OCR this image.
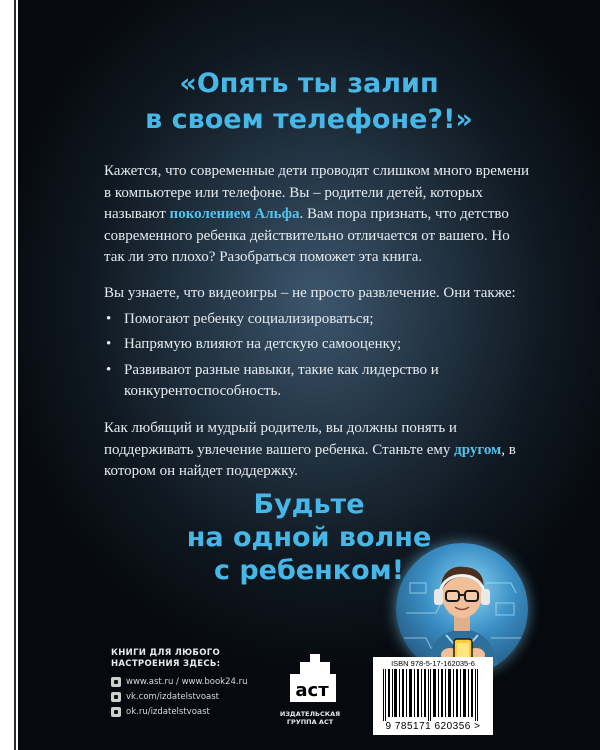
«Опять ты залип
в своем телефоне?!»
Кажется, что современные дети проводят слишком много времени в компьютере или телефоне. Вы – родители детей, которых называют поколением Альфа. Вам пора признать, что детство современного ребенка действительно отличается от вашего. Но так ли это плохо? Разобраться поможет эта книга.
Вы узнаете, что видеоигры – не просто развлечение. Они также:
• Помогают ребенку социализироваться;
• Напрямую влияют на детскую самооценку;
• Развивают разные навыки, такие как лидерство и конкурентоспособность.
Как любящий и мудрый родитель, вы должны понять и поддерживать увлечение вашего ребенка. Станьте ему другом, в котором он найдет поддержку.
Будьте
на одной волне
с ребенком!
КНИГИ ДЛЯ ЛЮБОГО
НАСТРОЕНИЯ ЗДЕСЬ:
www.ast.ru / www.book24.ru
vk.com/izdatelstvoast
ok.ru/izdatelstvoast
аст
ИЗДАТЕЛЬСКАЯ
ГРУППА АСТ
ISBN 978-5-17-162035-6
9 785171 620356 >
